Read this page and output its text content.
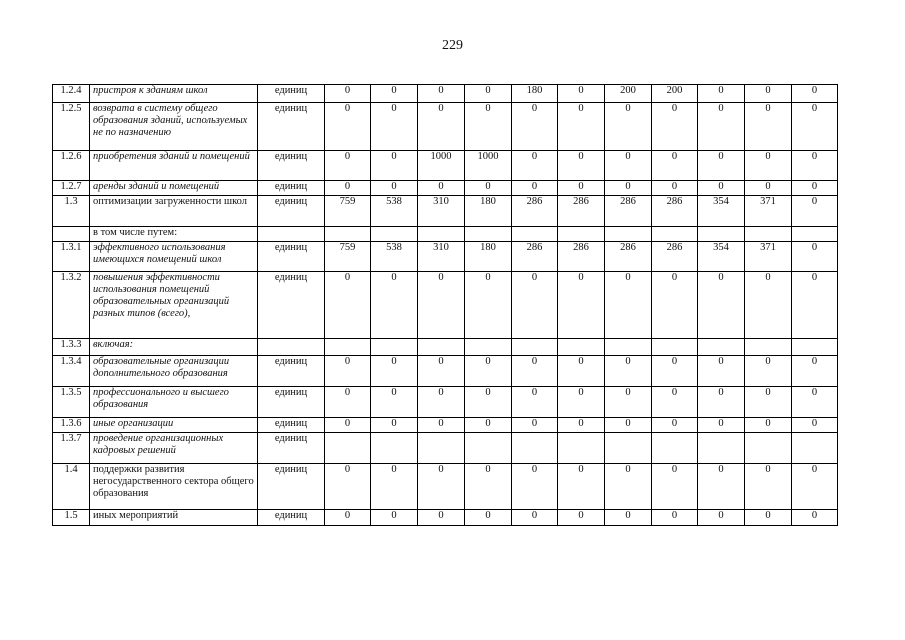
229
1.2.4	пристроя к зданиям школ	единиц	0	0	0	0	180	0	200	200	0	0	0
1.2.5	возврата в систему общего образования зданий, используемых не по назначению	единиц	0	0	0	0	0	0	0	0	0	0	0
1.2.6	приобретения зданий и помещений	единиц	0	0	1000	1000	0	0	0	0	0	0	0
1.2.7	аренды зданий и помещений	единиц	0	0	0	0	0	0	0	0	0	0	0
1.3	оптимизации загруженности школ	единиц	759	538	310	180	286	286	286	286	354	371	0
	в том числе путем:												
1.3.1	эффективного использования имеющихся помещений школ	единиц	759	538	310	180	286	286	286	286	354	371	0
1.3.2	повышения эффективности использования помещений образовательных организаций разных типов (всего),	единиц	0	0	0	0	0	0	0	0	0	0	0
1.3.3	включая:												
1.3.4	образовательные организации дополнительного образования	единиц	0	0	0	0	0	0	0	0	0	0	0
1.3.5	профессионального и высшего образования	единиц	0	0	0	0	0	0	0	0	0	0	0
1.3.6	иные организации	единиц	0	0	0	0	0	0	0	0	0	0	0
1.3.7	проведение организационных кадровых решений	единиц											
1.4	поддержки развития негосударственного сектора общего образования	единиц	0	0	0	0	0	0	0	0	0	0	0
1.5	иных мероприятий	единиц	0	0	0	0	0	0	0	0	0	0	0
